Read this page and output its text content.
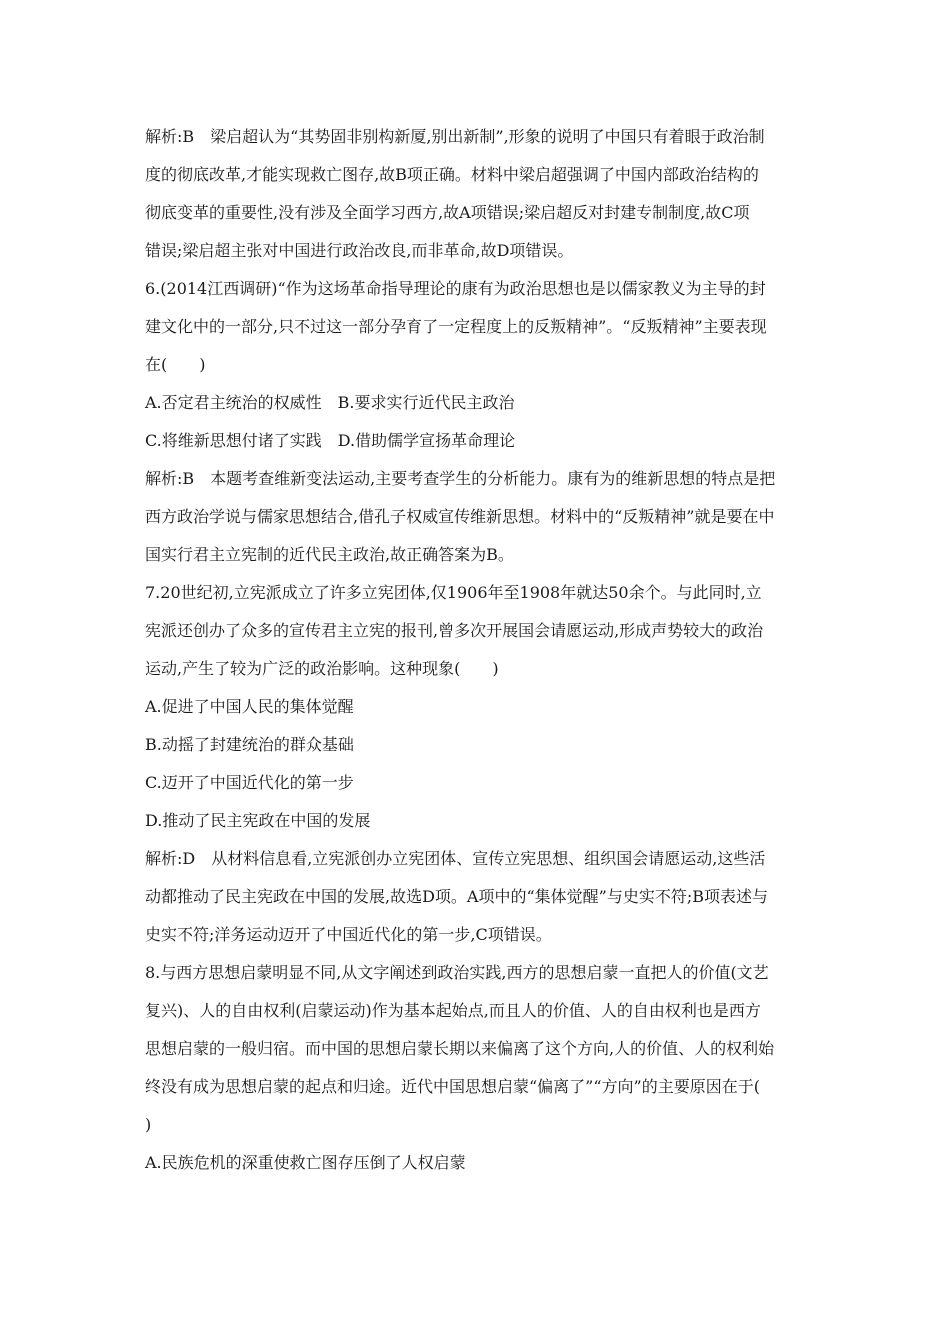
解析:B　梁启超认为“其势固非别构新厦,别出新制”,形象的说明了中国只有着眼于政治制
度的彻底改革,才能实现救亡图存,故B项正确。材料中梁启超强调了中国内部政治结构的
彻底变革的重要性,没有涉及全面学习西方,故A项错误;梁启超反对封建专制制度,故C项
错误;梁启超主张对中国进行政治改良,而非革命,故D项错误。
6.(2014江西调研)“作为这场革命指导理论的康有为政治思想也是以儒家教义为主导的封
建文化中的一部分,只不过这一部分孕育了一定程度上的反叛精神”。“反叛精神”主要表现
在(　　)
A.否定君主统治的权威性　B.要求实行近代民主政治
C.将维新思想付诸了实践　D.借助儒学宣扬革命理论
解析:B　本题考查维新变法运动,主要考查学生的分析能力。康有为的维新思想的特点是把
西方政治学说与儒家思想结合,借孔子权威宣传维新思想。材料中的“反叛精神”就是要在中
国实行君主立宪制的近代民主政治,故正确答案为B。
7.20世纪初,立宪派成立了许多立宪团体,仅1906年至1908年就达50余个。与此同时,立
宪派还创办了众多的宣传君主立宪的报刊,曾多次开展国会请愿运动,形成声势较大的政治
运动,产生了较为广泛的政治影响。这种现象(　　)
A.促进了中国人民的集体觉醒
B.动摇了封建统治的群众基础
C.迈开了中国近代化的第一步
D.推动了民主宪政在中国的发展
解析:D　从材料信息看,立宪派创办立宪团体、宣传立宪思想、组织国会请愿运动,这些活
动都推动了民主宪政在中国的发展,故选D项。A项中的“集体觉醒”与史实不符;B项表述与
史实不符;洋务运动迈开了中国近代化的第一步,C项错误。
8.与西方思想启蒙明显不同,从文字阐述到政治实践,西方的思想启蒙一直把人的价值(文艺
复兴)、人的自由权利(启蒙运动)作为基本起始点,而且人的价值、人的自由权利也是西方
思想启蒙的一般归宿。而中国的思想启蒙长期以来偏离了这个方向,人的价值、人的权利始
终没有成为思想启蒙的起点和归途。近代中国思想启蒙“偏离了”“方向”的主要原因在于(
)
A.民族危机的深重使救亡图存压倒了人权启蒙
